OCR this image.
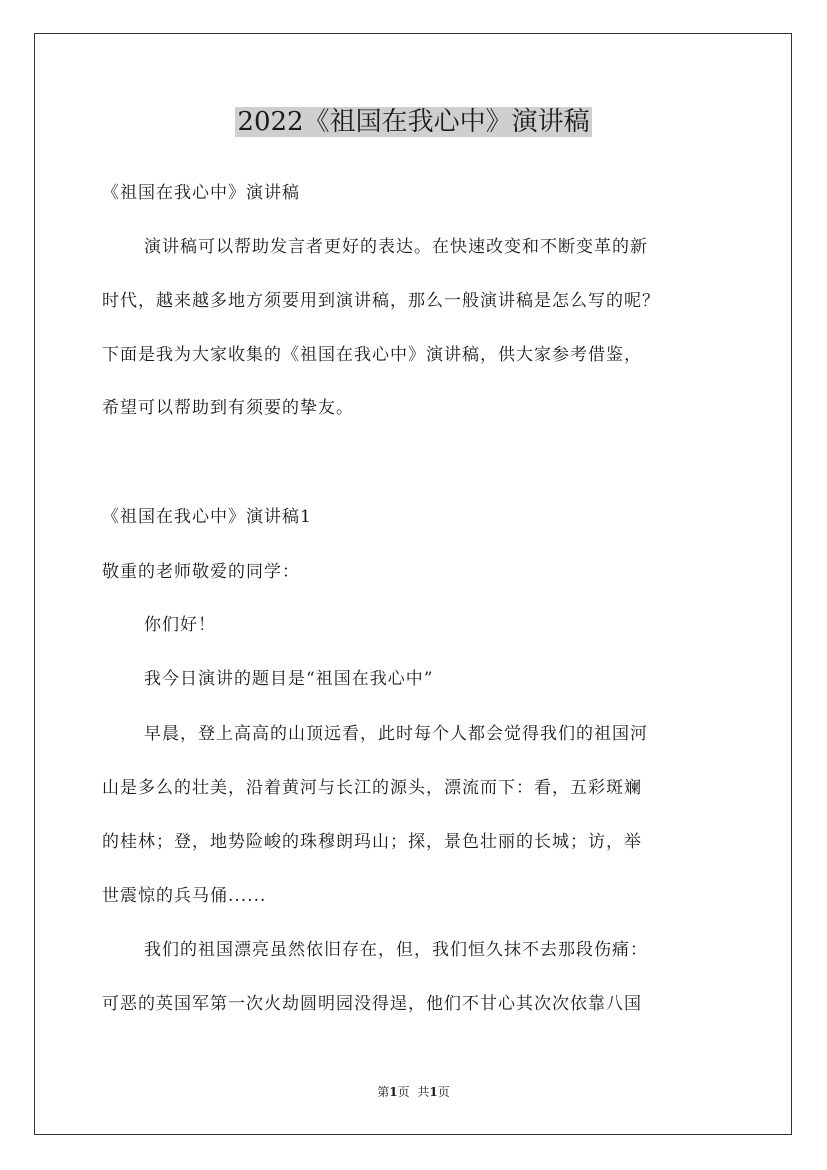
2022《祖国在我心中》演讲稿
《祖国在我心中》演讲稿
演讲稿可以帮助发言者更好的表达。在快速改变和不断变革的新
时代，越来越多地方须要用到演讲稿，那么一般演讲稿是怎么写的呢？
下面是我为大家收集的《祖国在我心中》演讲稿，供大家参考借鉴，
希望可以帮助到有须要的挚友。
《祖国在我心中》演讲稿1
敬重的老师敬爱的同学：
你们好！
我今日演讲的题目是“祖国在我心中”
早晨，登上高高的山顶远看，此时每个人都会觉得我们的祖国河
山是多么的壮美，沿着黄河与长江的源头，漂流而下：看，五彩斑斓
的桂林；登，地势险峻的珠穆朗玛山；探，景色壮丽的长城；访，举
世震惊的兵马俑......
我们的祖国漂亮虽然依旧存在，但，我们恒久抹不去那段伤痛：
可恶的英国军第一次火劫圆明园没得逞，他们不甘心其次次依靠八国
第1页 共1页
